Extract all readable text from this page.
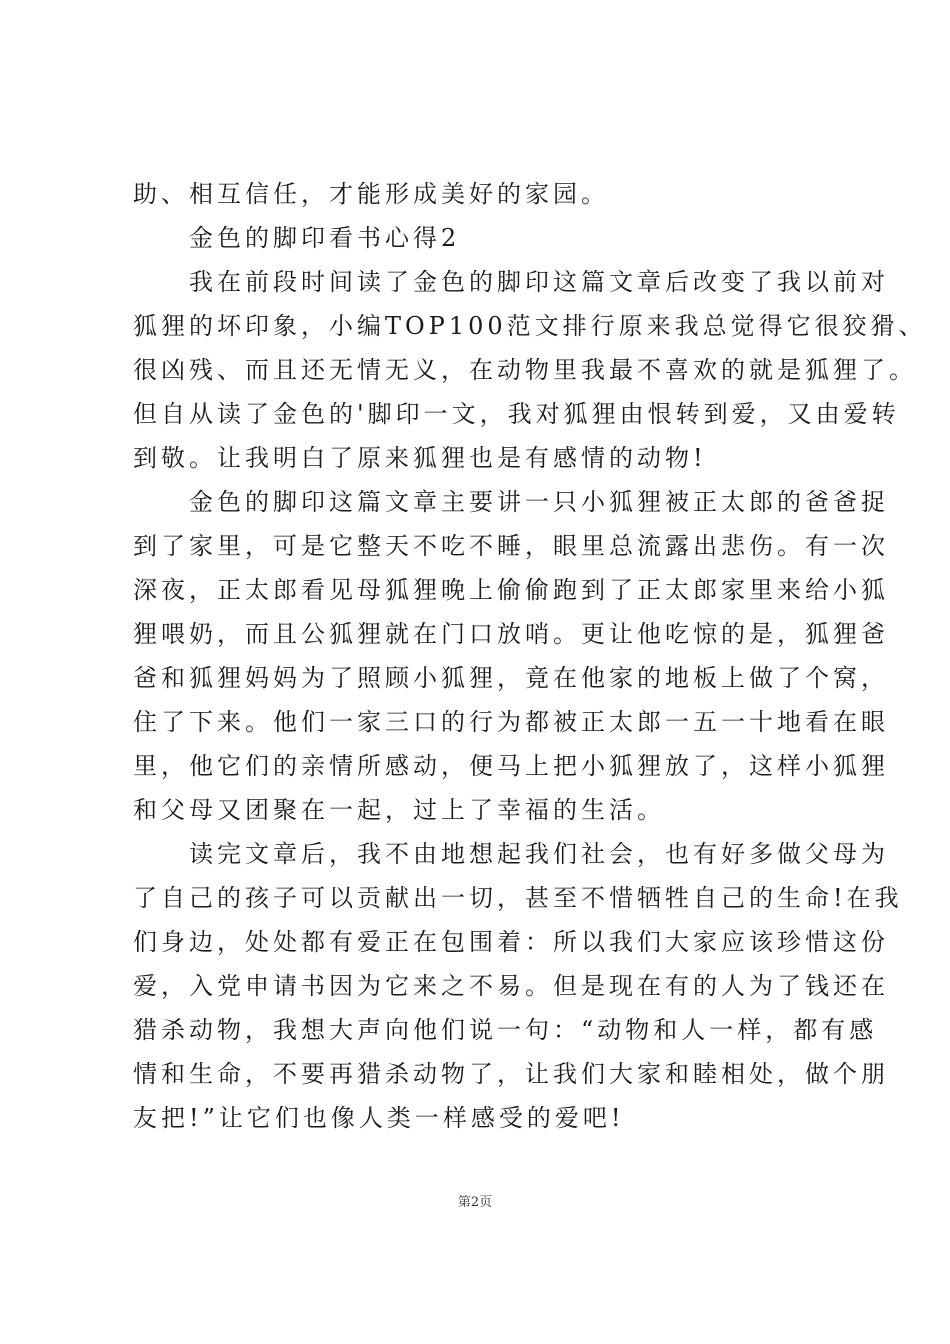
助、相互信任，才能形成美好的家园。
　　金色的脚印看书心得2
　　我在前段时间读了金色的脚印这篇文章后改变了我以前对
狐狸的坏印象，小编TOP100范文排行原来我总觉得它很狡猾、
很凶残、而且还无情无义，在动物里我最不喜欢的就是狐狸了。
但自从读了金色的'脚印一文，我对狐狸由恨转到爱，又由爱转
到敬。让我明白了原来狐狸也是有感情的动物!
　　金色的脚印这篇文章主要讲一只小狐狸被正太郎的爸爸捉
到了家里，可是它整天不吃不睡，眼里总流露出悲伤。有一次
深夜，正太郎看见母狐狸晚上偷偷跑到了正太郎家里来给小狐
狸喂奶，而且公狐狸就在门口放哨。更让他吃惊的是，狐狸爸
爸和狐狸妈妈为了照顾小狐狸，竟在他家的地板上做了个窝，
住了下来。他们一家三口的行为都被正太郎一五一十地看在眼
里，他它们的亲情所感动，便马上把小狐狸放了，这样小狐狸
和父母又团聚在一起，过上了幸福的生活。
　　读完文章后，我不由地想起我们社会，也有好多做父母为
了自己的孩子可以贡献出一切，甚至不惜牺牲自己的生命!在我
们身边，处处都有爱正在包围着：所以我们大家应该珍惜这份
爱，入党申请书因为它来之不易。但是现在有的人为了钱还在
猎杀动物，我想大声向他们说一句：“动物和人一样，都有感
情和生命，不要再猎杀动物了，让我们大家和睦相处，做个朋
友把!”让它们也像人类一样感受的爱吧!
第2页
